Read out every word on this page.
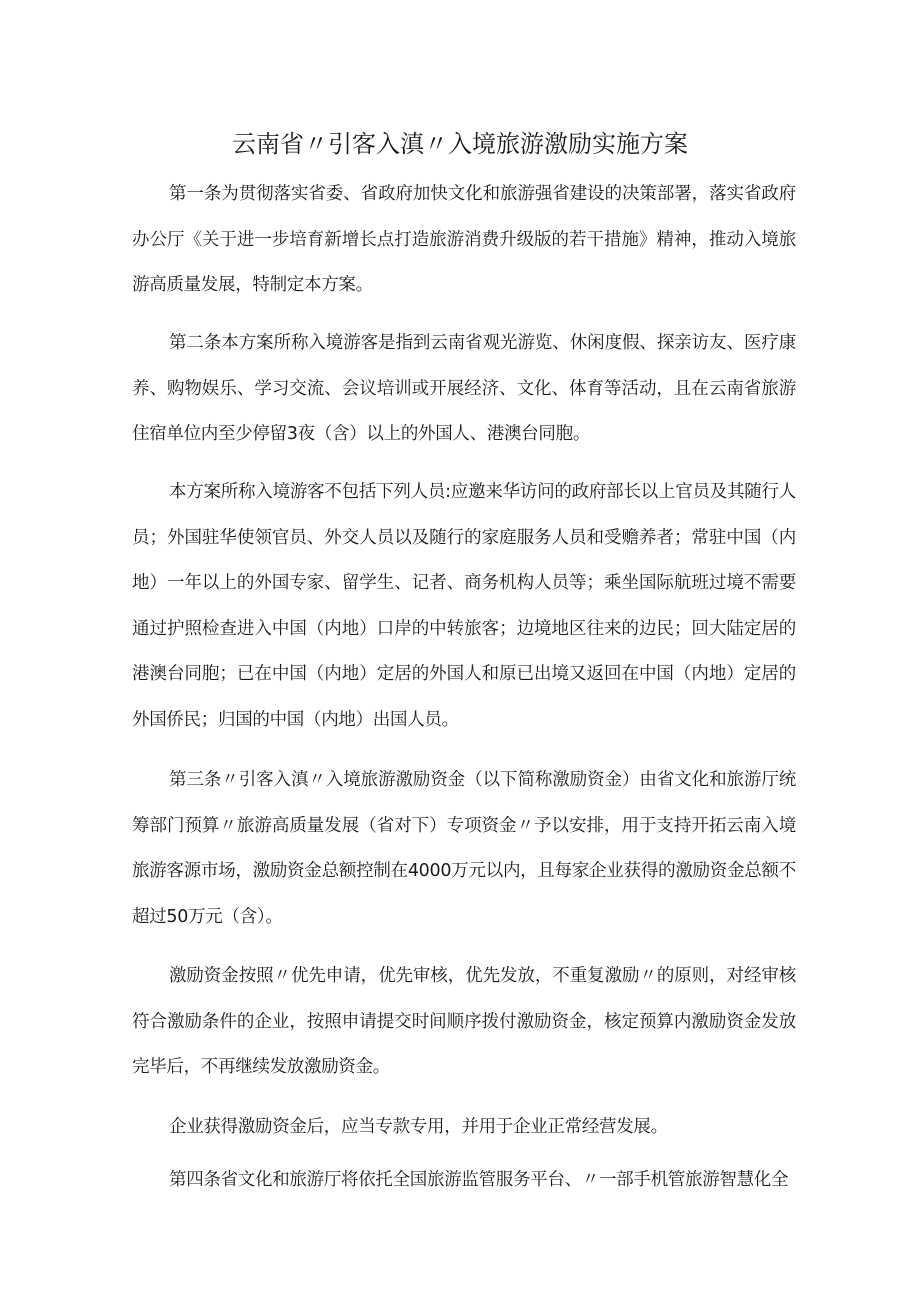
云南省〃引客入滇〃入境旅游激励实施方案

第一条为贯彻落实省委、省政府加快文化和旅游强省建设的决策部署，落实省政府办公厅《关于进一步培育新增长点打造旅游消费升级版的若干措施》精神，推动入境旅游高质量发展，特制定本方案。

第二条本方案所称入境游客是指到云南省观光游览、休闲度假、探亲访友、医疗康养、购物娱乐、学习交流、会议培训或开展经济、文化、体育等活动，且在云南省旅游住宿单位内至少停留3夜（含）以上的外国人、港澳台同胞。

本方案所称入境游客不包括下列人员:应邀来华访问的政府部长以上官员及其随行人员；外国驻华使领官员、外交人员以及随行的家庭服务人员和受赡养者；常驻中国（内地）一年以上的外国专家、留学生、记者、商务机构人员等；乘坐国际航班过境不需要通过护照检查进入中国（内地）口岸的中转旅客；边境地区往来的边民；回大陆定居的港澳台同胞；已在中国（内地）定居的外国人和原已出境又返回在中国（内地）定居的外国侨民；归国的中国（内地）出国人员。

第三条〃引客入滇〃入境旅游激励资金（以下简称激励资金）由省文化和旅游厅统筹部门预算〃旅游高质量发展（省对下）专项资金〃予以安排，用于支持开拓云南入境旅游客源市场，激励资金总额控制在4000万元以内，且每家企业获得的激励资金总额不超过50万元（含）。

激励资金按照〃优先申请，优先审核，优先发放，不重复激励〃的原则，对经审核符合激励条件的企业，按照申请提交时间顺序拨付激励资金，核定预算内激励资金发放完毕后，不再继续发放激励资金。

企业获得激励资金后，应当专款专用，并用于企业正常经营发展。

第四条省文化和旅游厅将依托全国旅游监管服务平台、〃一部手机管旅游智慧化全
